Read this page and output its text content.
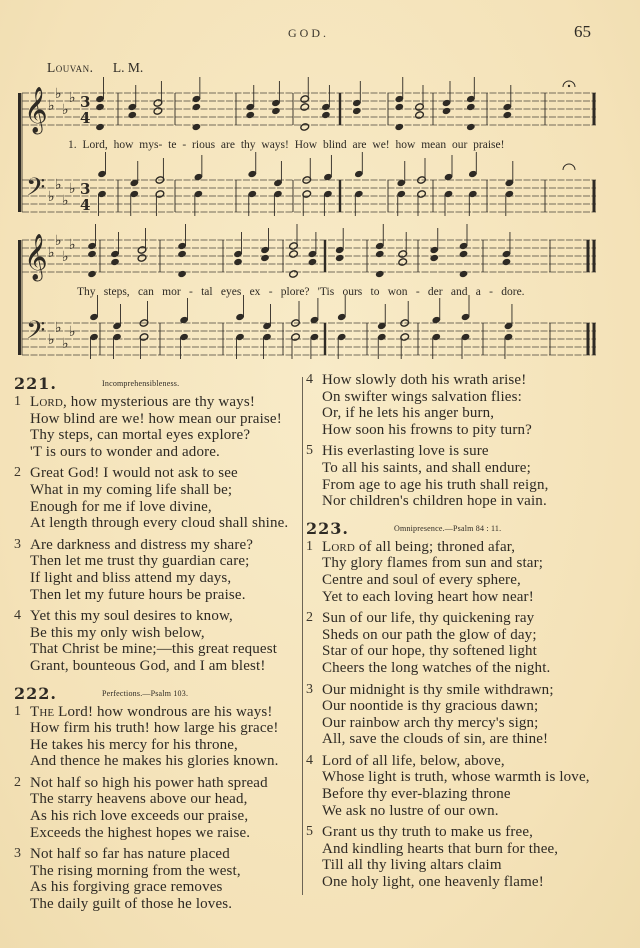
GOD.	65
Louvan. L. M.
𝄞
𝄢
♭
♭
♭
♭
♭
♭
♭
♭
3
4
3
4
𝄞
𝄢
♭
♭
♭
♭
♭
♭
♭
♭
1. Lord, how mys- te - rious are thy ways! How blind are we! how mean our praise!
Thy steps, can mor - tal eyes ex - plore? 'Tis ours to won - der and a - dore.
221.	Incomprehensibleness.
1 Lord, how mysterious are thy ways!
How blind are we! how mean our praise!
Thy steps, can mortal eyes explore?
'T is ours to wonder and adore.
2 Great God! I would not ask to see
What in my coming life shall be;
Enough for me if love divine,
At length through every cloud shall shine.
3 Are darkness and distress my share?
Then let me trust thy guardian care;
If light and bliss attend my days,
Then let my future hours be praise.
4 Yet this my soul desires to know,
Be this my only wish below,
That Christ be mine;—this great request
Grant, bounteous God, and I am blest!
222.	Perfections.—Psalm 103.
1 The Lord! how wondrous are his ways!
How firm his truth! how large his grace!
He takes his mercy for his throne,
And thence he makes his glories known.
2 Not half so high his power hath spread
The starry heavens above our head,
As his rich love exceeds our praise,
Exceeds the highest hopes we raise.
3 Not half so far has nature placed
The rising morning from the west,
As his forgiving grace removes
The daily guilt of those he loves.
4 How slowly doth his wrath arise!
On swifter wings salvation flies:
Or, if he lets his anger burn,
How soon his frowns to pity turn?
5 His everlasting love is sure
To all his saints, and shall endure;
From age to age his truth shall reign,
Nor children's children hope in vain.
223.	Omnipresence.—Psalm 84 : 11.
1 Lord of all being; throned afar,
Thy glory flames from sun and star;
Centre and soul of every sphere,
Yet to each loving heart how near!
2 Sun of our life, thy quickening ray
Sheds on our path the glow of day;
Star of our hope, thy softened light
Cheers the long watches of the night.
3 Our midnight is thy smile withdrawn;
Our noontide is thy gracious dawn;
Our rainbow arch thy mercy's sign;
All, save the clouds of sin, are thine!
4 Lord of all life, below, above,
Whose light is truth, whose warmth is love,
Before thy ever-blazing throne
We ask no lustre of our own.
5 Grant us thy truth to make us free,
And kindling hearts that burn for thee,
Till all thy living altars claim
One holy light, one heavenly flame!
